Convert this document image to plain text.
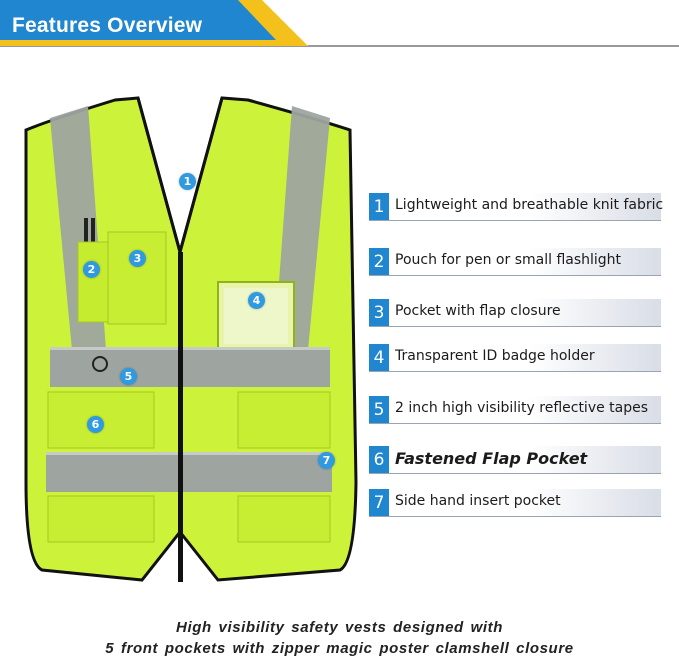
Features Overview
1
2
3
4
5
6
7
1 Lightweight and breathable knit fabric
2 Pouch for pen or small flashlight
3 Pocket with flap closure
4 Transparent ID badge holder
5 2 inch high visibility reflective tapes
6 Fastened Flap Pocket
7 Side hand insert pocket
High visibility safety vests designed with
5 front pockets with zipper magic poster clamshell closure
